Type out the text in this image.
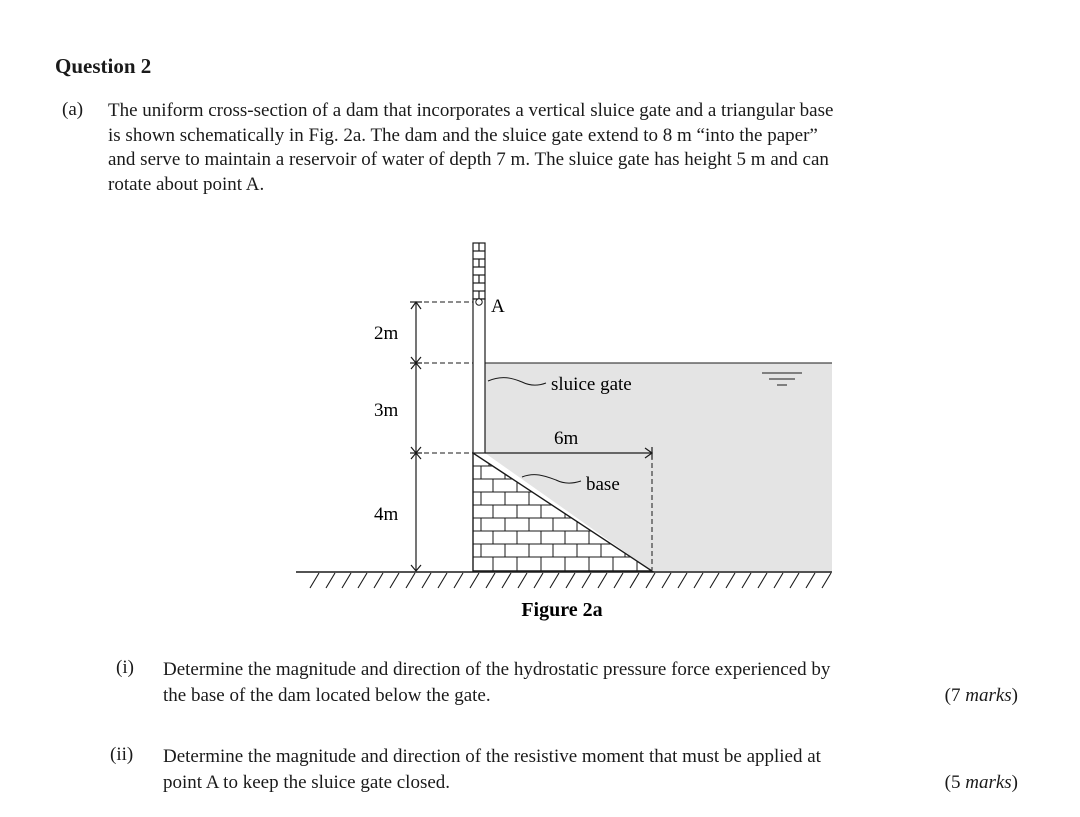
Question 2
(a) The uniform cross-section of a dam that incorporates a vertical sluice gate and a triangular base
is shown schematically in Fig. 2a. The dam and the sluice gate extend to 8 m “into the paper”
and serve to maintain a reservoir of water of depth 7 m. The sluice gate has height 5 m and can
rotate about point A.
A
2m
3m
4m
6m
sluice gate
base
Figure 2a
(i) Determine the magnitude and direction of the hydrostatic pressure force experienced by
the base of the dam located below the gate.	(7 marks)
(ii) Determine the magnitude and direction of the resistive moment that must be applied at
point A to keep the sluice gate closed.	(5 marks)
